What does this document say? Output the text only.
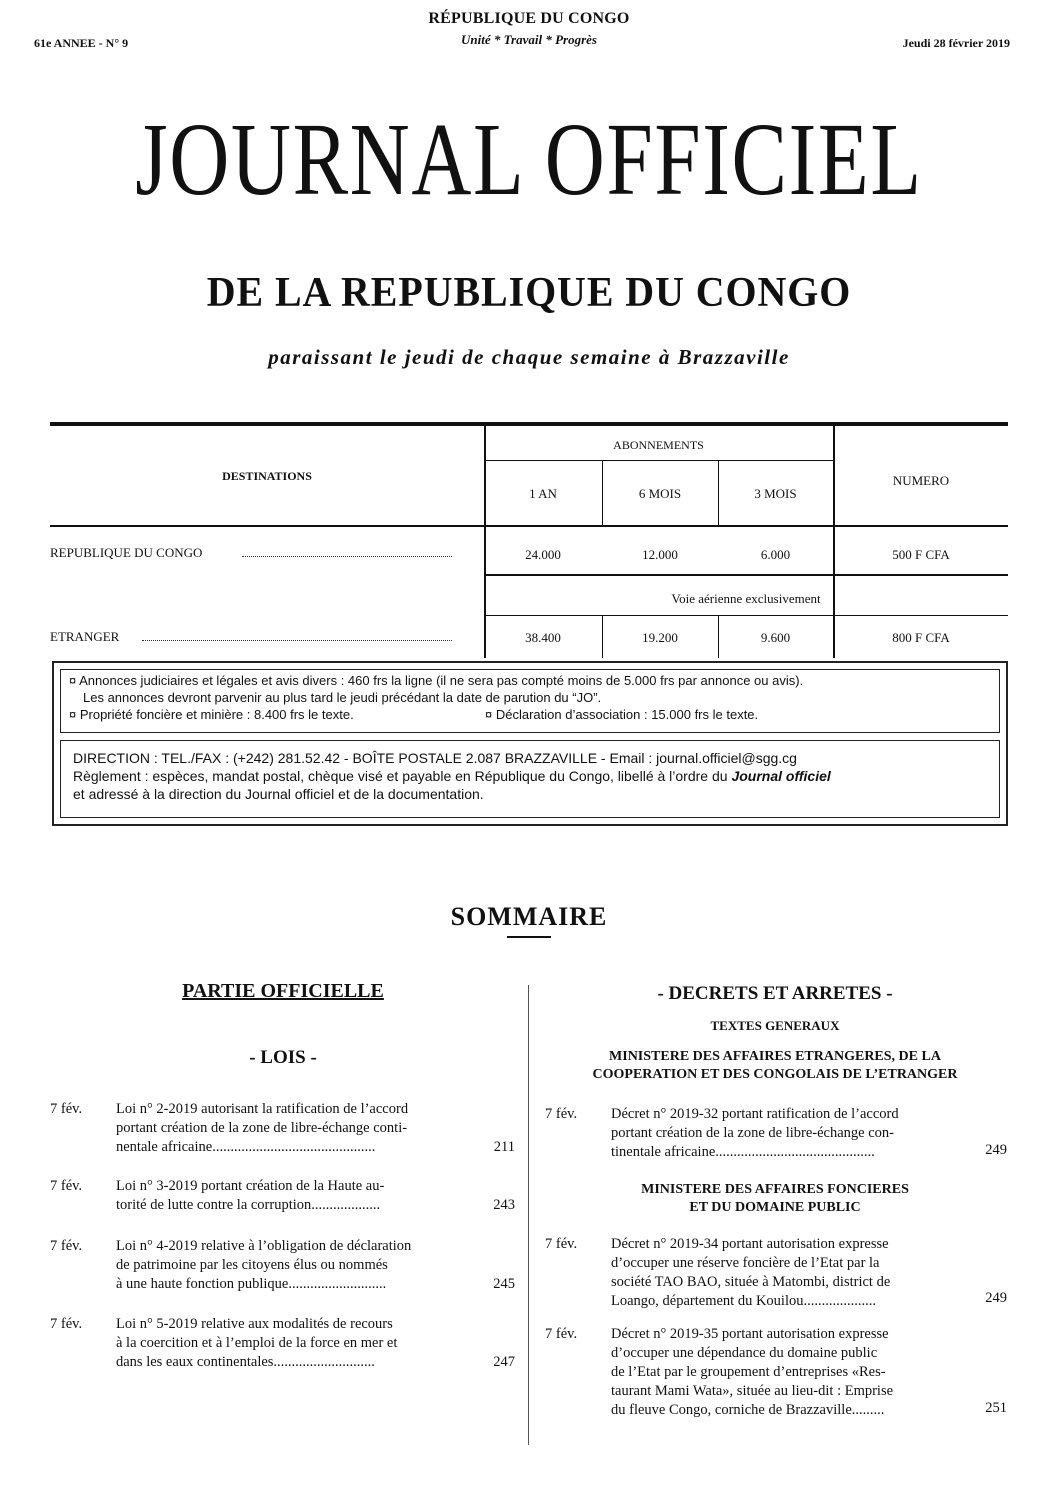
RÉPUBLIQUE DU CONGO
Unité * Travail * Progrès
61e ANNEE - N° 9	Jeudi 28 février 2019
JOURNAL OFFICIEL
DE LA REPUBLIQUE DU CONGO
paraissant le jeudi de chaque semaine à Brazzaville
DESTINATIONS
ABONNEMENTS
NUMERO
1 AN	6 MOIS	3 MOIS
REPUBLIQUE DU CONGO	24.000	12.000	6.000	500 F CFA
Voie aérienne exclusivement
ETRANGER	38.400	19.200	9.600	800 F CFA
¤ Annonces judiciaires et légales et avis divers : 460 frs la ligne (il ne sera pas compté moins de 5.000 frs par annonce ou avis).
Les annonces devront parvenir au plus tard le jeudi précédant la date de parution du “JO”.
¤ Propriété foncière et minière : 8.400 frs le texte.	¤ Déclaration d’association : 15.000 frs le texte.
DIRECTION : TEL./FAX : (+242) 281.52.42 - BOÎTE POSTALE 2.087 BRAZZAVILLE - Email : journal.officiel@sgg.cg
Règlement : espèces, mandat postal, chèque visé et payable en République du Congo, libellé à l’ordre du Journal officiel
et adressé à la direction du Journal officiel et de la documentation.
SOMMAIRE
PARTIE OFFICIELLE
- LOIS -
7 fév.	Loi n° 2-2019 autorisant la ratification de l’accord
portant création de la zone de libre-échange conti-
nentale africaine.............................................	211
7 fév.	Loi n° 3-2019 portant création de la Haute au-
torité de lutte contre la corruption...................	243
7 fév.	Loi n° 4-2019 relative à l’obligation de déclaration
de patrimoine par les citoyens élus ou nommés
à une haute fonction publique...........................	245
7 fév.	Loi n° 5-2019 relative aux modalités de recours
à la coercition et à l’emploi de la force en mer et
dans les eaux continentales............................	247
- DECRETS ET ARRETES -
TEXTES GENERAUX
MINISTERE DES AFFAIRES ETRANGERES, DE LA
COOPERATION ET DES CONGOLAIS DE L’ETRANGER
7 fév.	Décret n° 2019-32 portant ratification de l’accord
portant création de la zone de libre-échange con-
tinentale africaine............................................	249
MINISTERE DES AFFAIRES FONCIERES
ET DU DOMAINE PUBLIC
7 fév.	Décret n° 2019-34 portant autorisation expresse
d’occuper une réserve foncière de l’Etat par la
société TAO BAO, située à Matombi, district de
Loango, département du Kouilou....................	249
7 fév.	Décret n° 2019-35 portant autorisation expresse
d’occuper une dépendance du domaine public
de l’Etat par le groupement d’entreprises «Res-
taurant Mami Wata», située au lieu-dit : Emprise
du fleuve Congo, corniche de Brazzaville.........	251
